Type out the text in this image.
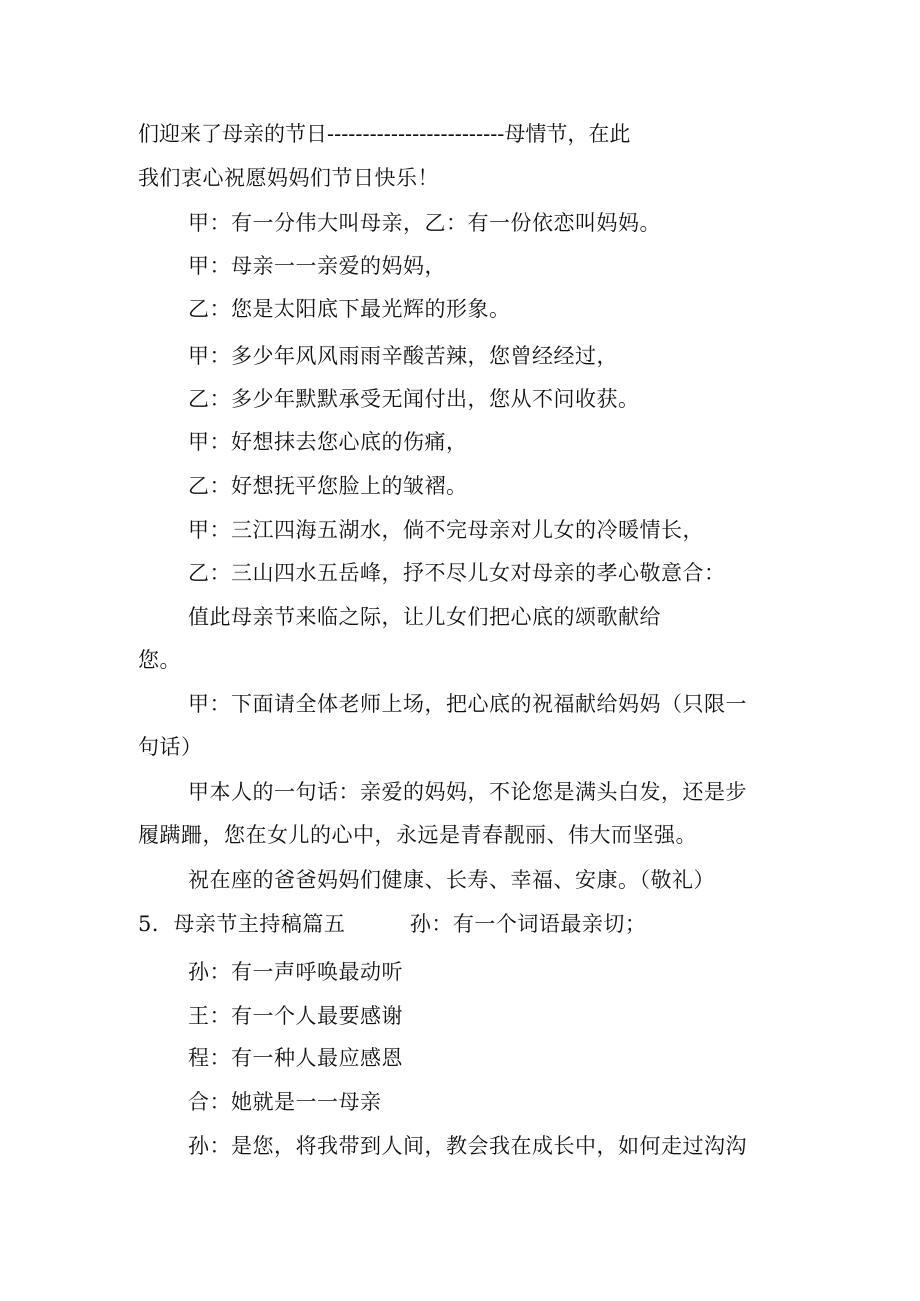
们迎来了母亲的节日-------------------------母情节，在此
我们衷心祝愿妈妈们节日快乐！
甲：有一分伟大叫母亲，乙：有一份依恋叫妈妈。
甲：母亲一一亲爱的妈妈，
乙：您是太阳底下最光辉的形象。
甲：多少年风风雨雨辛酸苦辣，您曾经经过，
乙：多少年默默承受无闻付出，您从不问收获。
甲：好想抹去您心底的伤痛，
乙：好想抚平您脸上的皱褶。
甲：三江四海五湖水，倘不完母亲对儿女的冷暖情长，
乙：三山四水五岳峰，抒不尽儿女对母亲的孝心敬意合：
值此母亲节来临之际，让儿女们把心底的颂歌献给
您。
甲：下面请全体老师上场，把心底的祝福献给妈妈（只限一
句话）
甲本人的一句话：亲爱的妈妈，不论您是满头白发，还是步
履蹒跚，您在女儿的心中，永远是青春靓丽、伟大而坚强。
祝在座的爸爸妈妈们健康、长寿、幸福、安康。（敬礼）
5．母亲节主持稿篇五　　　孙：有一个词语最亲切；
孙：有一声呼唤最动听
王：有一个人最要感谢
程：有一种人最应感恩
合：她就是一一母亲
孙：是您，将我带到人间，教会我在成长中，如何走过沟沟
